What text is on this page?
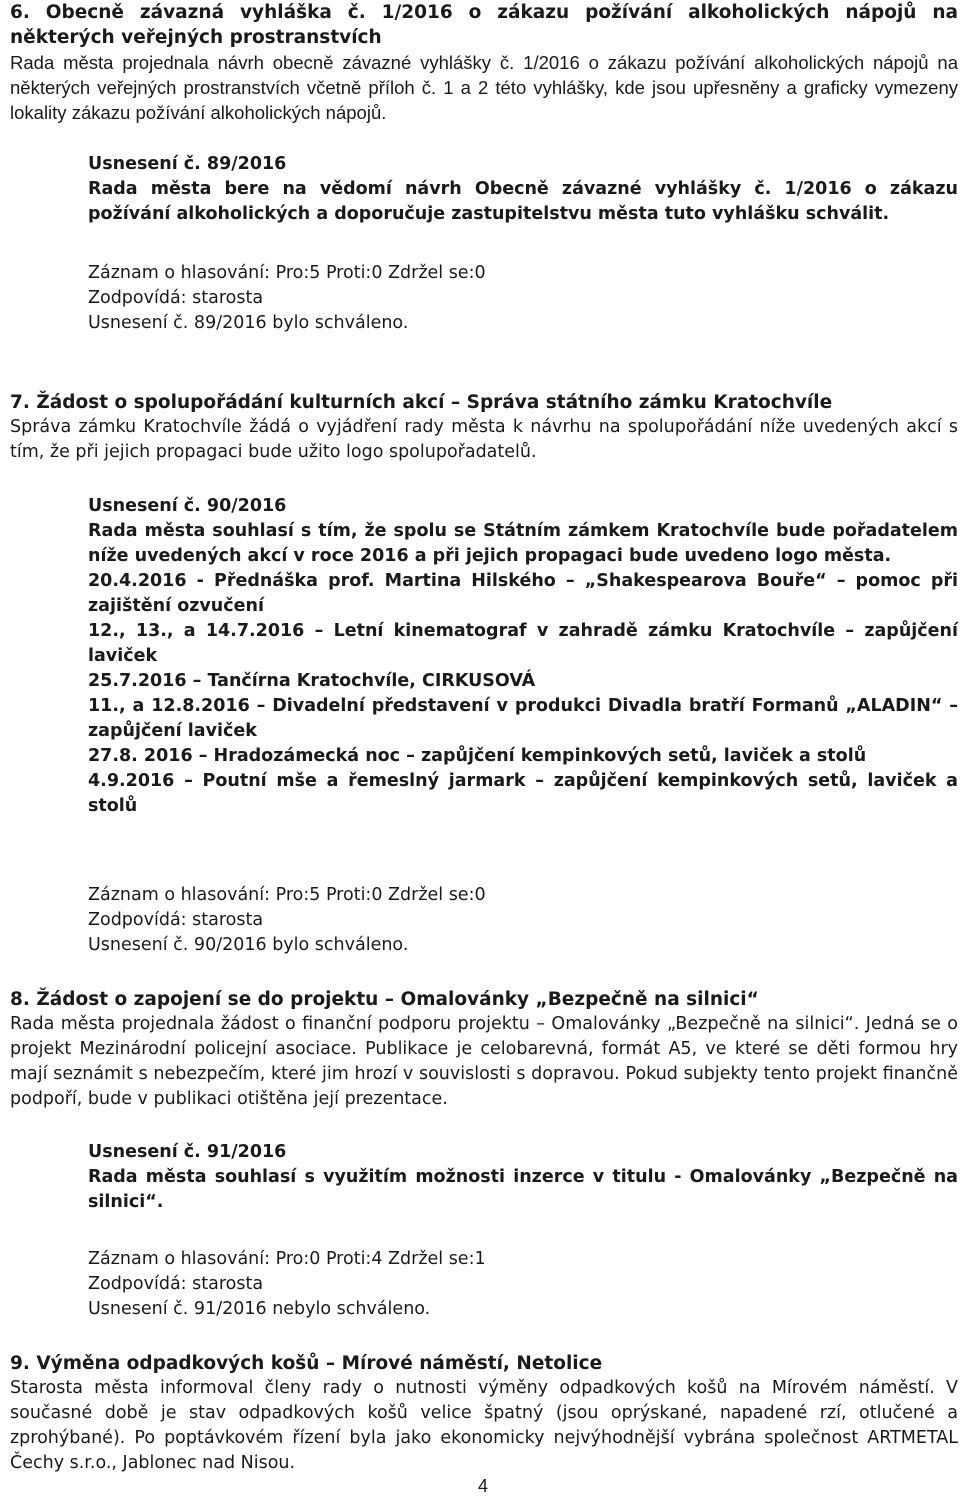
6. Obecně závazná vyhláška č. 1/2016 o zákazu požívání alkoholických nápojů na některých veřejných prostranstvích

Rada města projednala návrh obecně závazné vyhlášky č. 1/2016 o zákazu požívání alkoholických nápojů na některých veřejných prostranstvích včetně příloh č. 1 a 2 této vyhlášky, kde jsou upřesněny a graficky vymezeny lokality zákazu požívání alkoholických nápojů.

Usnesení č. 89/2016

Rada města bere na vědomí návrh Obecně závazné vyhlášky č. 1/2016 o zákazu požívání alkoholických a doporučuje zastupitelstvu města tuto vyhlášku schválit.

Záznam o hlasování: Pro:5 Proti:0 Zdržel se:0

Zodpovídá: starosta

Usnesení č. 89/2016 bylo schváleno.

7. Žádost o spolupořádání kulturních akcí – Správa státního zámku Kratochvíle

Správa zámku Kratochvíle žádá o vyjádření rady města k návrhu na spolupořádání níže uvedených akcí s tím, že při jejich propagaci bude užito logo spolupořadatelů.

Usnesení č. 90/2016

Rada města souhlasí s tím, že spolu se Státním zámkem Kratochvíle bude pořadatelem níže uvedených akcí v roce 2016 a při jejich propagaci bude uvedeno logo města.

20.4.2016 - Přednáška prof. Martina Hilského – „Shakespearova Bouře“ – pomoc při zajištění ozvučení

12., 13., a 14.7.2016 – Letní kinematograf v zahradě zámku Kratochvíle – zapůjčení laviček

25.7.2016 – Tančírna Kratochvíle, CIRKUSOVÁ

11., a 12.8.2016 – Divadelní představení v produkci Divadla bratří Formanů „ALADIN“ – zapůjčení laviček

27.8. 2016 – Hradozámecká noc – zapůjčení kempinkových setů, laviček a stolů

4.9.2016 – Poutní mše a řemeslný jarmark – zapůjčení kempinkových setů, laviček a stolů

Záznam o hlasování: Pro:5 Proti:0 Zdržel se:0

Zodpovídá: starosta

Usnesení č. 90/2016 bylo schváleno.

8. Žádost o zapojení se do projektu – Omalovánky „Bezpečně na silnici“

Rada města projednala žádost o finanční podporu projektu – Omalovánky „Bezpečně na silnici“. Jedná se o projekt Mezinárodní policejní asociace. Publikace je celobarevná, formát A5, ve které se děti formou hry mají seznámit s nebezpečím, které jim hrozí v souvislosti s dopravou. Pokud subjekty tento projekt finančně podpoří, bude v publikaci otištěna její prezentace.

Usnesení č. 91/2016

Rada města souhlasí s využitím možnosti inzerce v titulu - Omalovánky „Bezpečně na silnici“.

Záznam o hlasování: Pro:0 Proti:4 Zdržel se:1

Zodpovídá: starosta

Usnesení č. 91/2016 nebylo schváleno.

9. Výměna odpadkových košů – Mírové náměstí, Netolice

Starosta města informoval členy rady o nutnosti výměny odpadkových košů na Mírovém náměstí. V současné době je stav odpadkových košů velice špatný (jsou oprýskané, napadené rzí, otlučené a zprohýbané). Po poptávkovém řízení byla jako ekonomicky nejvýhodnější vybrána společnost ARTMETAL Čechy s.r.o., Jablonec nad Nisou.

4
